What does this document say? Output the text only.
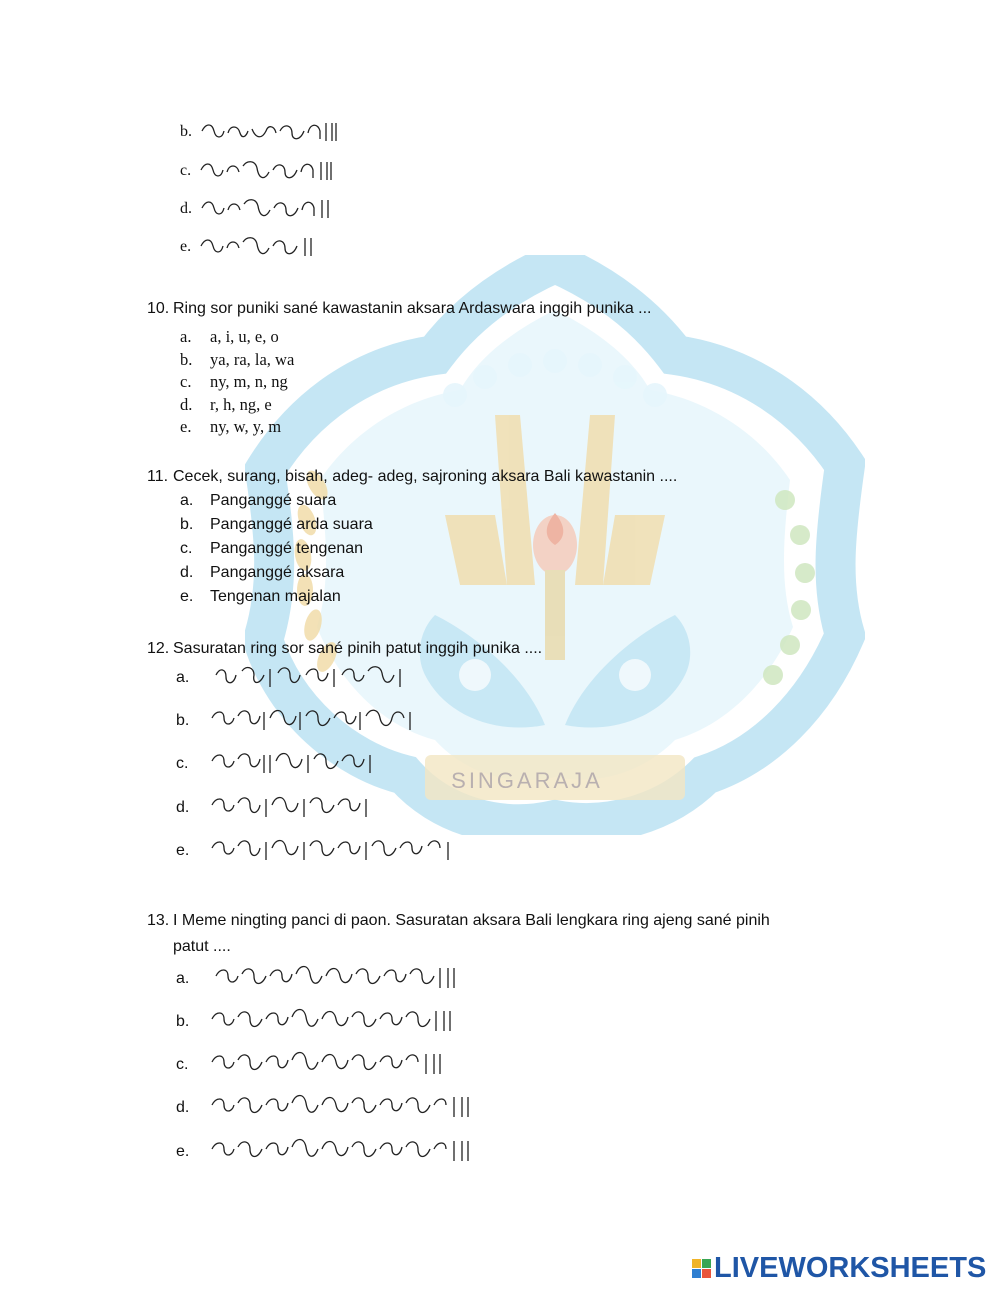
SINGARAJA
b.
c.
d.
e.
10. Ring sor puniki sané kawastanin aksara Ardaswara inggih punika ...
a. a, i, u, e, o
b. ya, ra, la, wa
c. ny, m, n, ng
d. r, h, ng, e
e. ny, w, y, m
11. Cecek, surang, bisah, adeg- adeg, sajroning aksara Bali kawastanin ....
a. Panganggé suara
b. Panganggé arda suara
c. Panganggé tengenan
d. Panganggé aksara
e. Tengenan majalan
12. Sasuratan ring sor sané pinih patut inggih punika ....
a.
b.
c.
d.
e.
13. I Meme ningting panci di paon. Sasuratan aksara Bali lengkara ring ajeng sané pinih
patut ....
a.
b.
c.
d.
e.
LIVEWORKSHEETS
